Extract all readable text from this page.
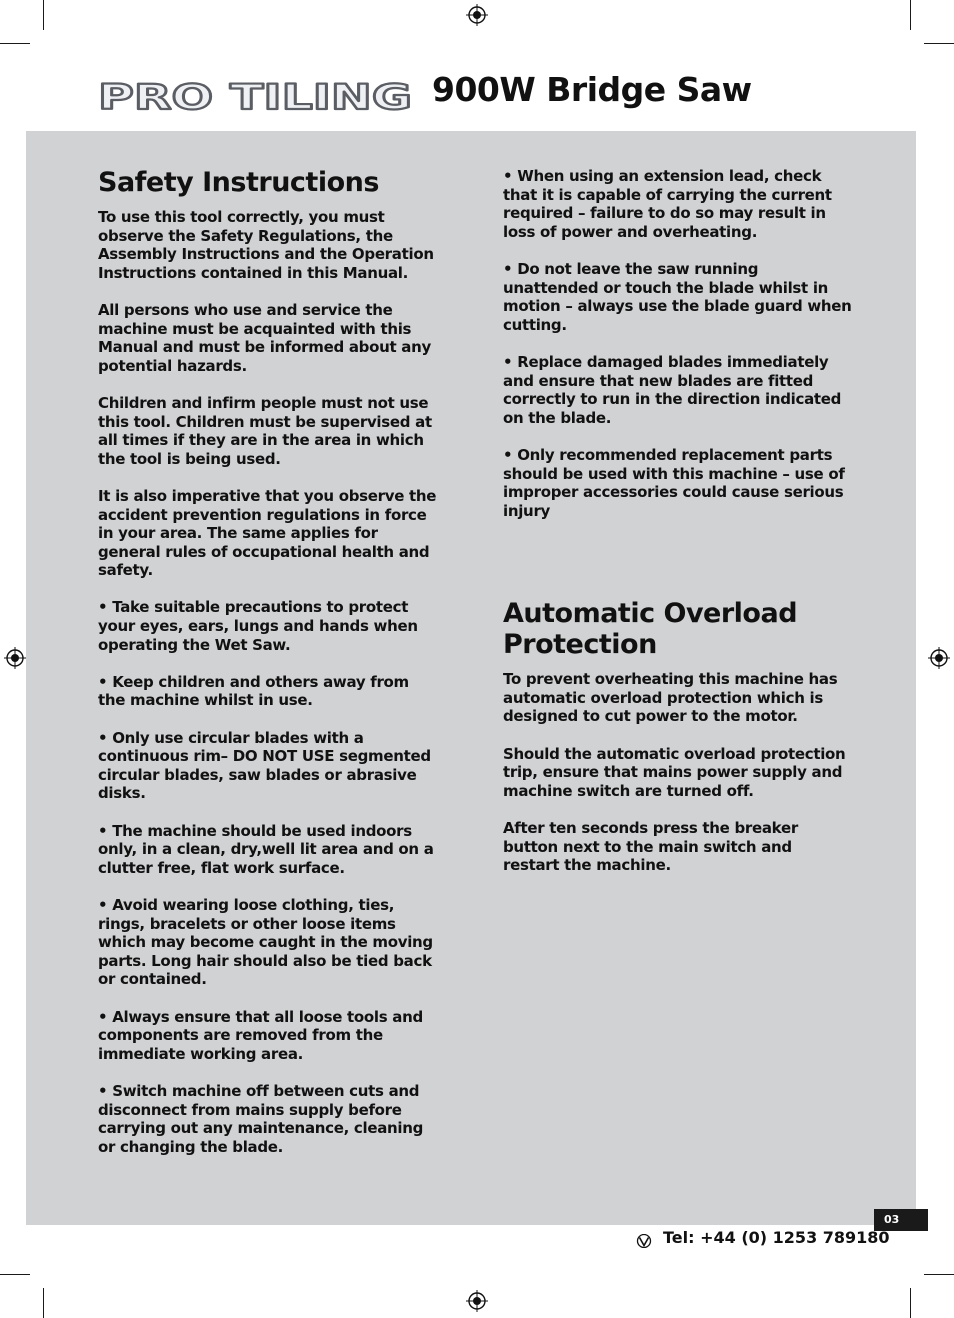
PRO TILING 900W Bridge Saw
Safety Instructions

To use this tool correctly, you must observe the Safety Regulations, the Assembly Instructions and the Operation Instructions contained in this Manual.

All persons who use and service the machine must be acquainted with this Manual and must be informed about any potential hazards.

Children and infirm people must not use this tool. Children must be supervised at all times if they are in the area in which the tool is being used.

It is also imperative that you observe the accident prevention regulations in force in your area. The same applies for general rules of occupational health and safety.

• Take suitable precautions to protect your eyes, ears, lungs and hands when operating the Wet Saw.

• Keep children and others away from the machine whilst in use.

• Only use circular blades with a continuous rim– DO NOT USE segmented circular blades, saw blades or abrasive disks.

• The machine should be used indoors only, in a clean, dry,well lit area and on a clutter free, flat work surface.

• Avoid wearing loose clothing, ties, rings, bracelets or other loose items which may become caught in the moving parts. Long hair should also be tied back or contained.

• Always ensure that all loose tools and components are removed from the immediate working area.

• Switch machine off between cuts and disconnect from mains supply before carrying out any maintenance, cleaning or changing the blade.

• When using an extension lead, check that it is capable of carrying the current required – failure to do so may result in loss of power and overheating.

• Do not leave the saw running unattended or touch the blade whilst in motion – always use the blade guard when cutting.

• Replace damaged blades immediately and ensure that new blades are fitted correctly to run in the direction indicated on the blade.

• Only recommended replacement parts should be used with this machine – use of improper accessories could cause serious injury

Automatic Overload Protection

To prevent overheating this machine has automatic overload protection which is designed to cut power to the motor.

Should the automatic overload protection trip, ensure that mains power supply and machine switch are turned off.

After ten seconds press the breaker button next to the main switch and restart the machine.

03
Tel: +44 (0) 1253 789180
